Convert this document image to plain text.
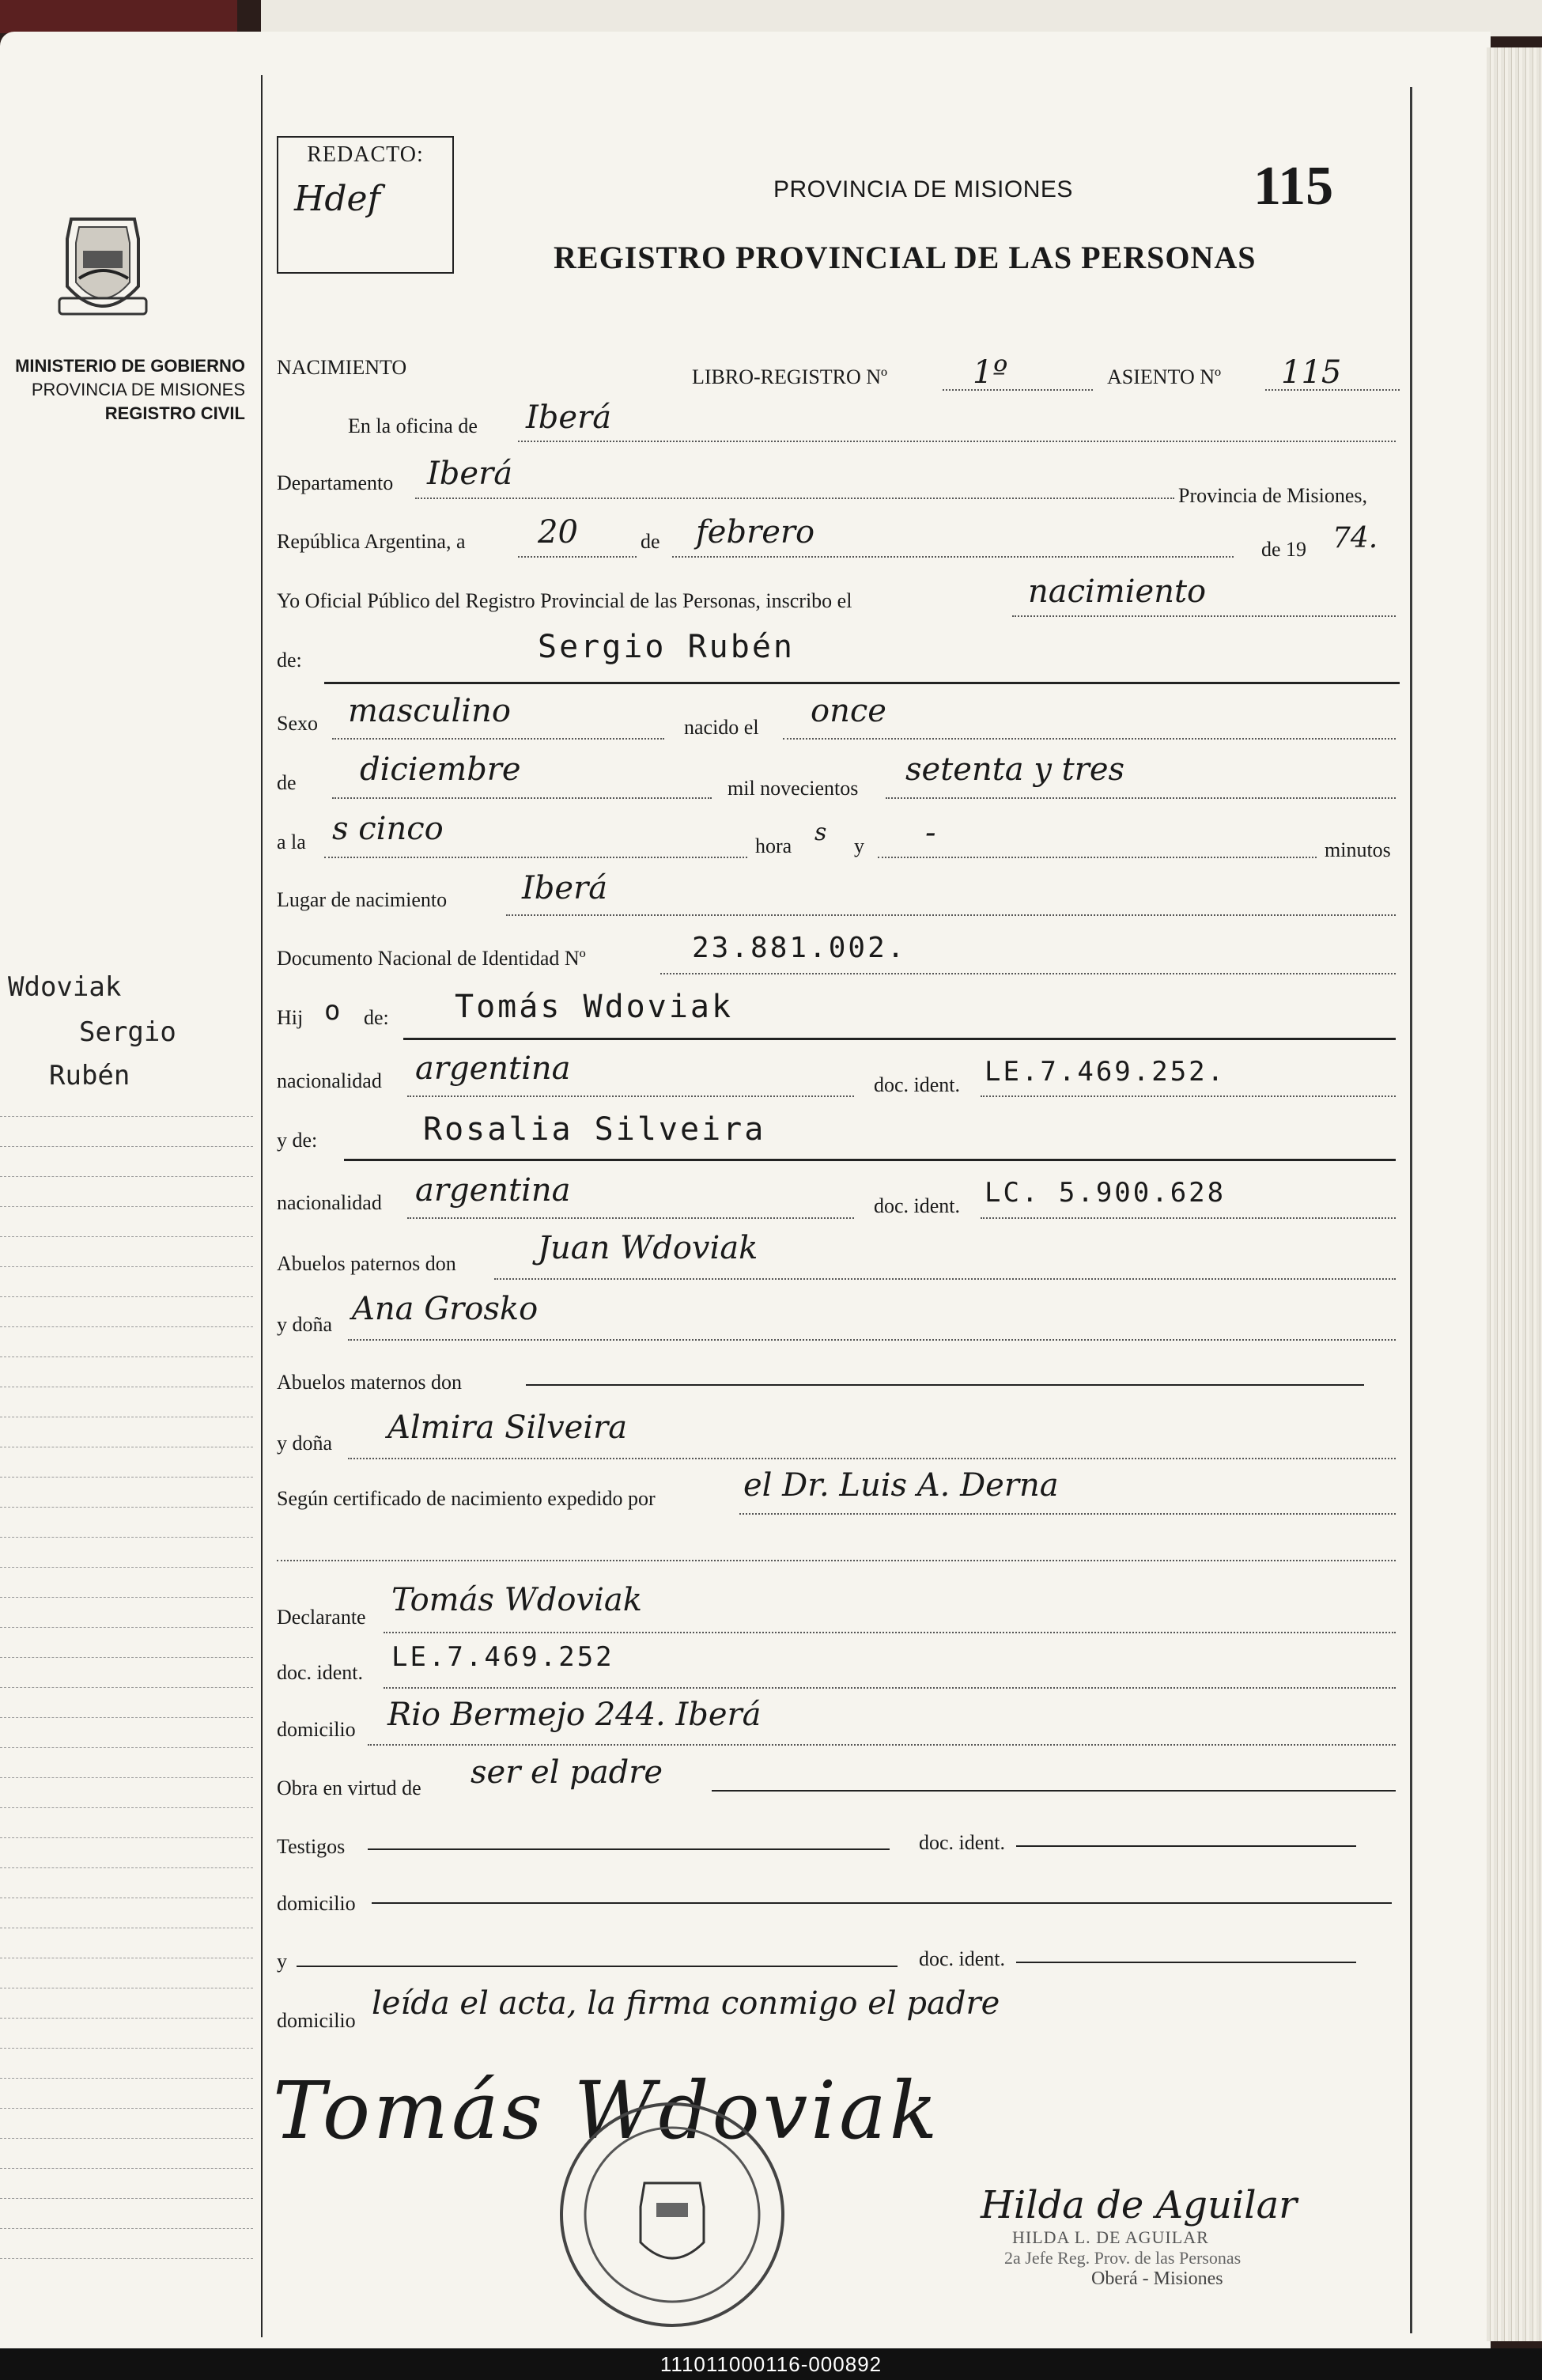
MINISTERIO DE GOBIERNO
PROVINCIA DE MISIONES
REGISTRO CIVIL
Wdoviak
Sergio
Rubén
REDACTO:
Hdef	PROVINCIA DE MISIONES	115
REGISTRO PROVINCIAL DE LAS PERSONAS
NACIMIENTO	LIBRO-REGISTRO Nº	1º	ASIENTO Nº 115
En la oficina de Iberá
Departamento Iberá
Provincia de Misiones,
República Argentina, a 20	de febrero	de 19 74.
Yo Oficial Público del Registro Provincial de las Personas, inscribo el	nacimiento
de:	Sergio Rubén
Sexo masculino	nacido el once
de diciembre
mil novecientos
setenta y tres
a la s cinco	hora s y -	minutos
Lugar de nacimiento Iberá
Documento Nacional de Identidad Nº	23.881.002.
Hij o de: Tomás Wdoviak
nacionalidad argentina	doc. ident. LE.7.469.252.
y de:	Rosalia Silveira
nacionalidad argentina	doc. ident. LC. 5.900.628
Abuelos paternos don	Juan Wdoviak
y doña Ana Grosko
Abuelos maternos don
y doña Almira Silveira
Según certificado de nacimiento expedido por	el Dr. Luis A. Derna
Declarante Tomás Wdoviak
doc. ident. LE.7.469.252
domicilio Rio Bermejo 244. Iberá
Obra en virtud de ser el padre
Testigos	doc. ident.
domicilio
y	doc. ident.
domicilio leída el acta, la firma conmigo el padre
Tomás Wdoviak
Hilda de Aguilar
HILDA L. DE AGUILAR
2a Jefe Reg. Prov. de las Personas
Oberá - Misiones
111011000116-000892
